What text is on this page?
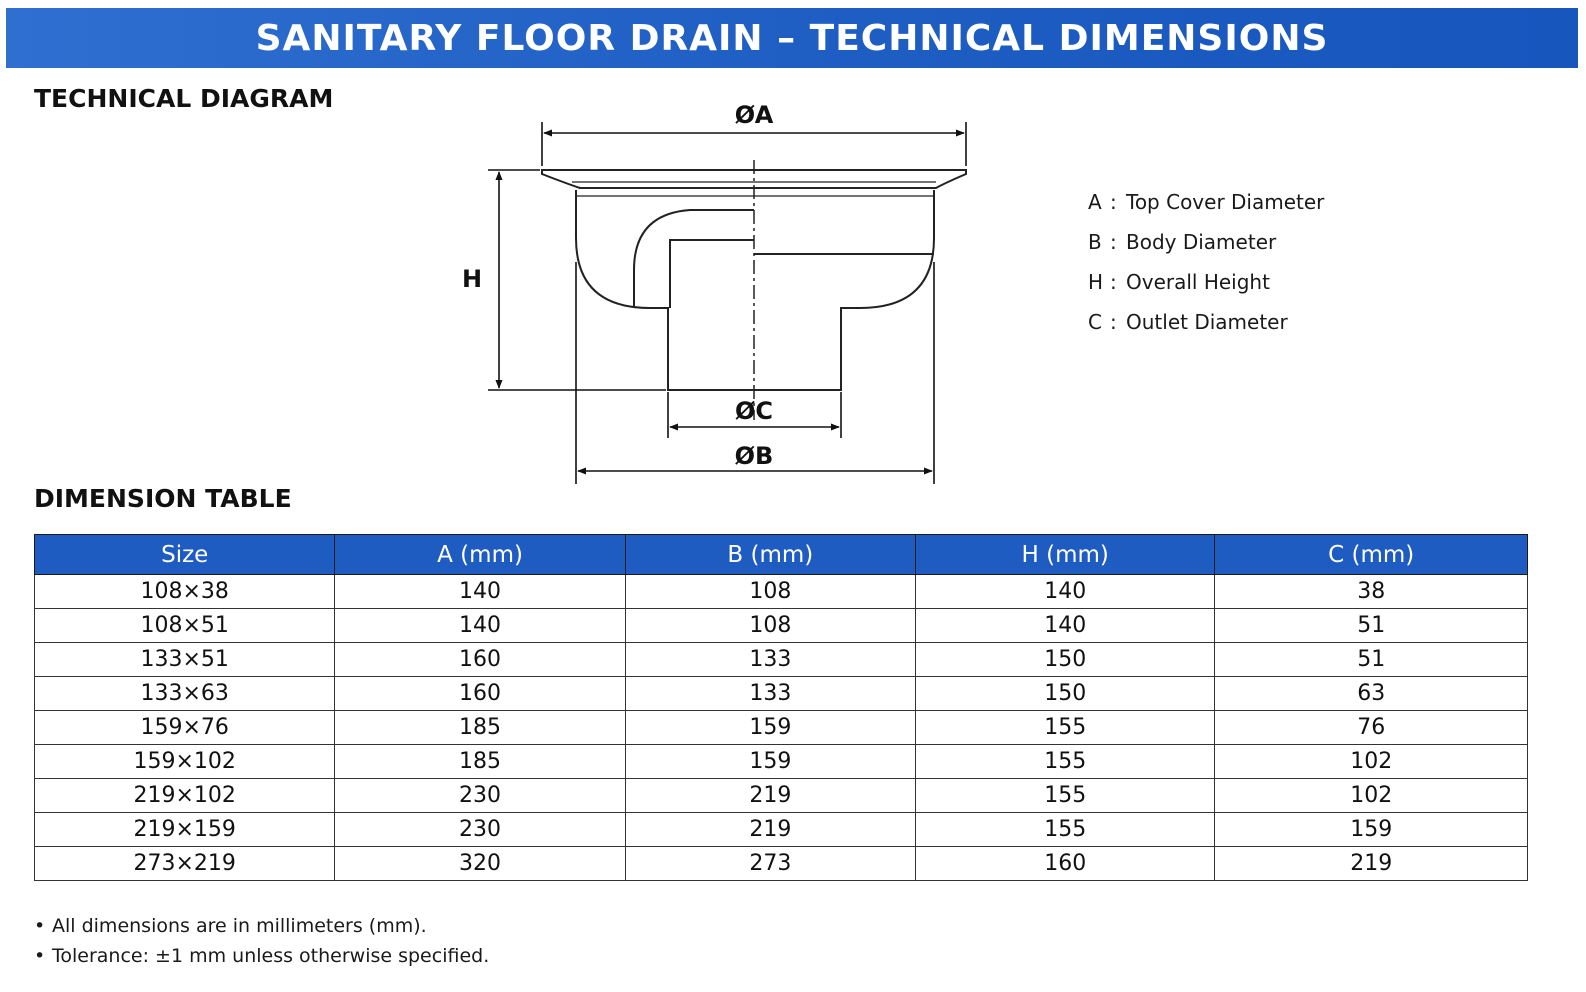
SANITARY FLOOR DRAIN – TECHNICAL DIMENSIONS
TECHNICAL DIAGRAM
ØA
H
ØC
ØB
A : Top Cover Diameter
B : Body Diameter
H : Overall Height
C : Outlet Diameter
DIMENSION TABLE
Size	A (mm)	B (mm)	H (mm)	C (mm)
108×38	140	108	140	38
108×51	140	108	140	51
133×51	160	133	150	51
133×63	160	133	150	63
159×76	185	159	155	76
159×102	185	159	155	102
219×102	230	219	155	102
219×159	230	219	155	159
273×219	320	273	160	219
• All dimensions are in millimeters (mm).
• Tolerance: ±1 mm unless otherwise specified.
